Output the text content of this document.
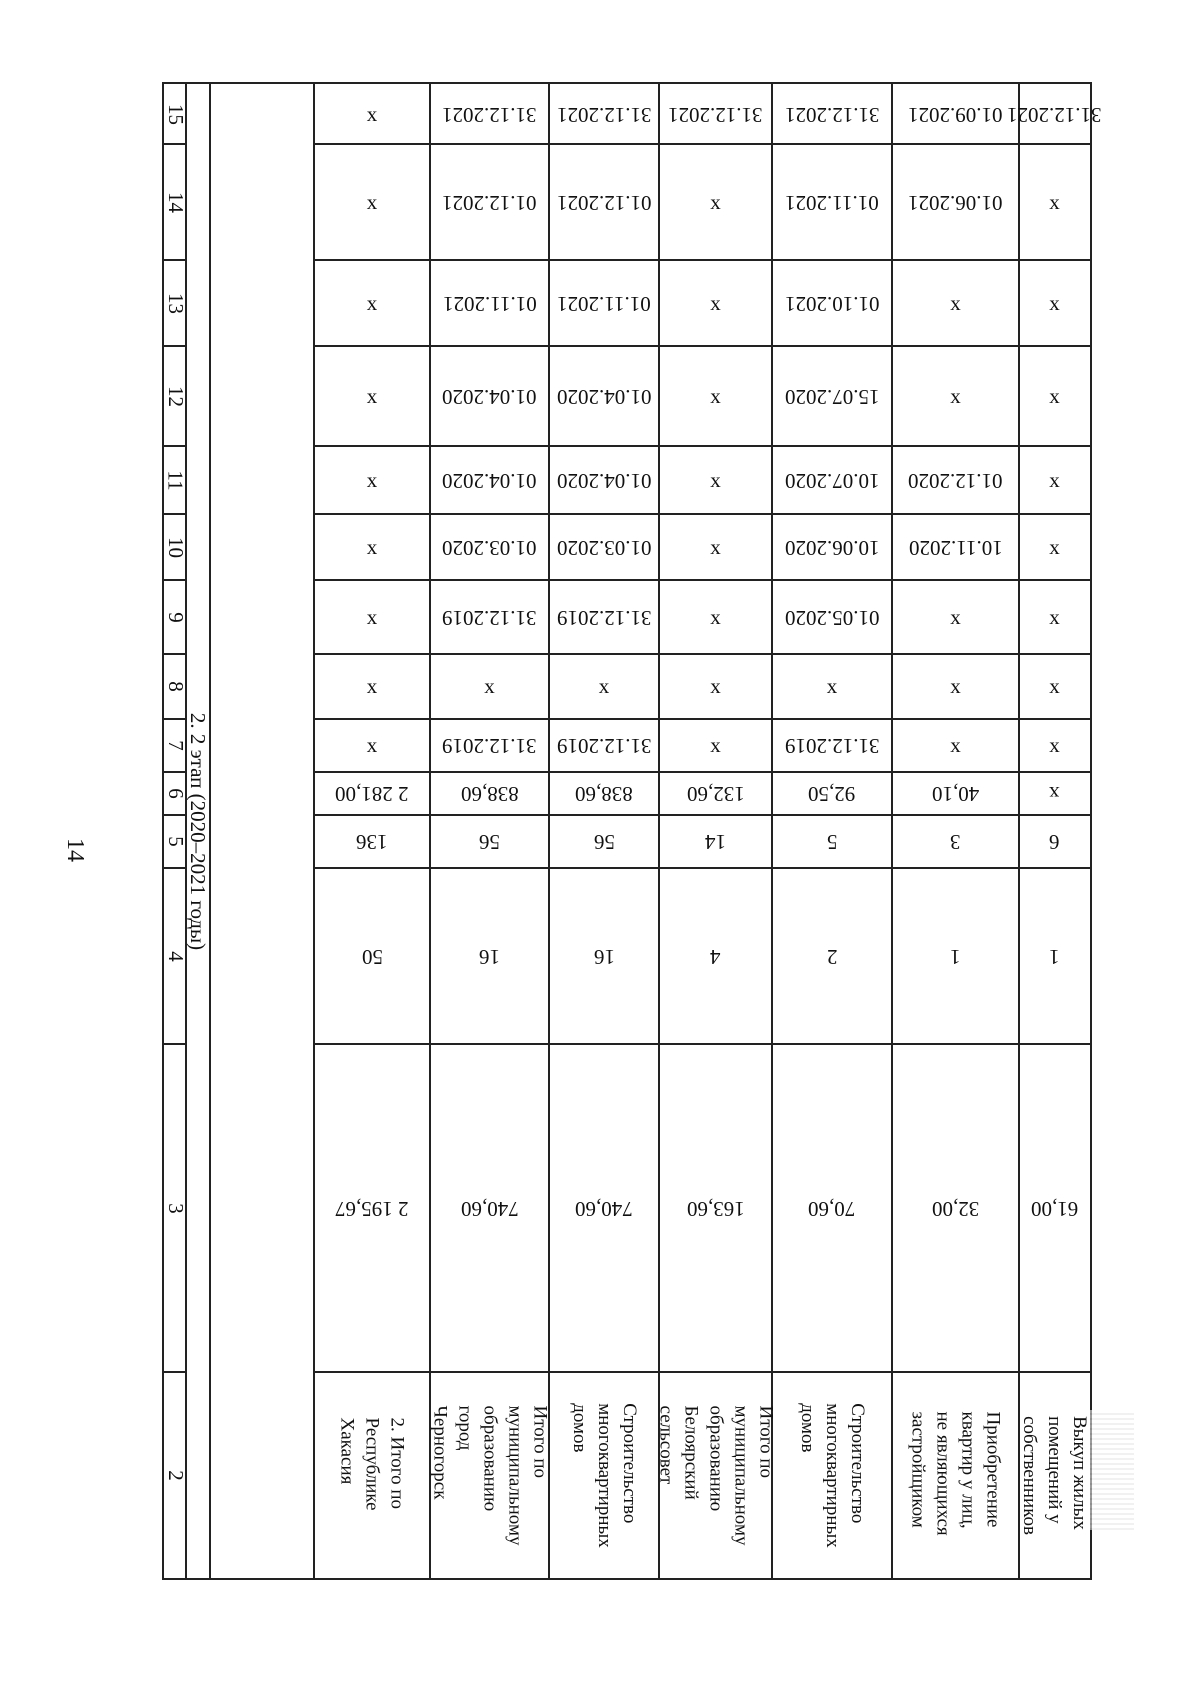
14
15
14
13
12
11
10
9
8
7
6
5
4
3
2
2. 2 этап (2020–2021 годы)
x
x
x
x
x
x
x
x
x
2 281,00
136
50
2 195,67
2. Итого по Республике Хакасия
31.12.2021
01.12.2021
01.11.2021
01.04.2020
01.04.2020
01.03.2020
31.12.2019
x
31.12.2019
838,60
56
16
740,60
Итого по муниципальному образованию город Черногорск
31.12.2021
01.12.2021
01.11.2021
01.04.2020
01.04.2020
01.03.2020
31.12.2019
x
31.12.2019
838,60
56
16
740,60
Строительство многоквартирных домов
31.12.2021
x
x
x
x
x
x
x
x
132,60
14
4
163,60
Итого по муниципальному образованию Белоярский сельсовет
31.12.2021
01.11.2021
01.10.2021
15.07.2020
10.07.2020
10.06.2020
01.05.2020
x
31.12.2019
92,50
5
2
70,60
Строительство многоквартирных домов
01.09.2021
01.06.2021
x
x
01.12.2020
10.11.2020
x
x
x
40,10
3
1
32,00
Приобретение квартир у лиц, не являющихся застройщиком
31.12.2021
x
x
x
x
x
x
x
x
x
6
1
61,00
Выкуп жилых помещений у собственников
